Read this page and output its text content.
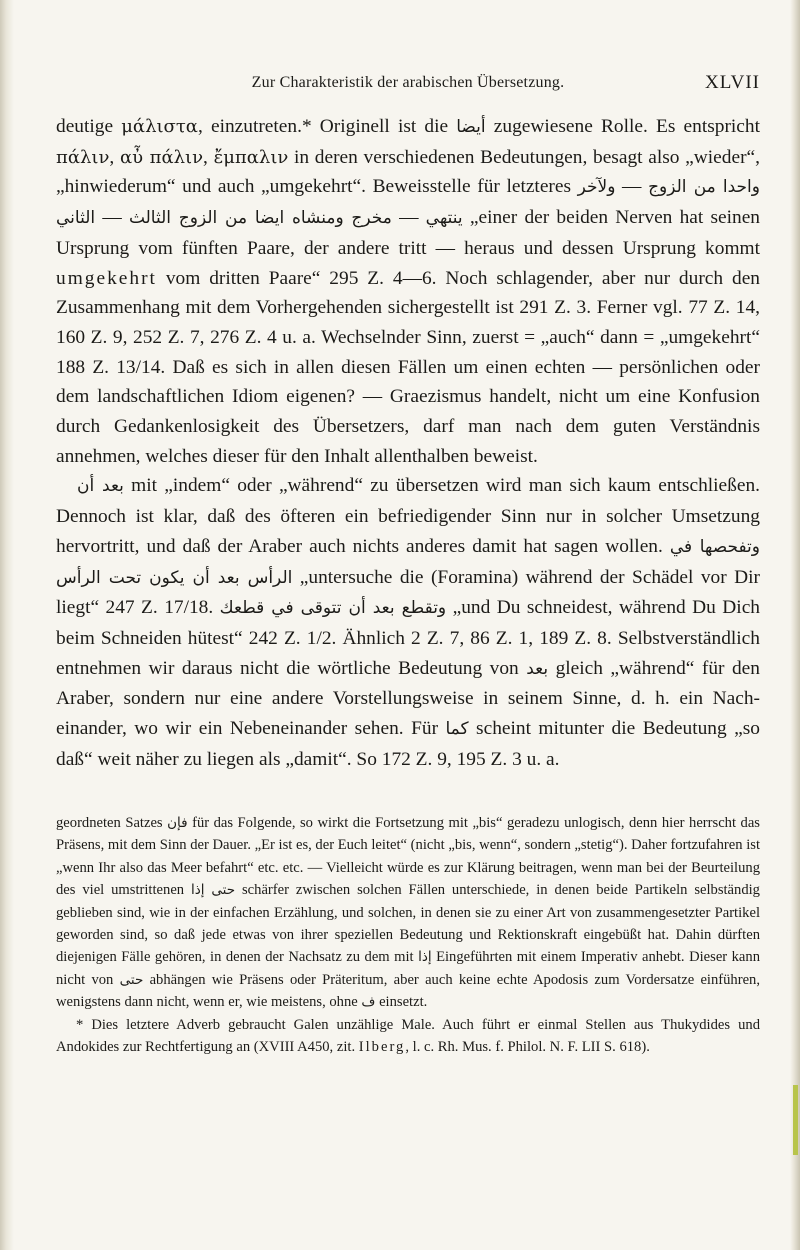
Zur Charakteristik der arabischen Übersetzung.	XLVII

deutige μάλιστα, einzutreten.* Originell ist die أيضا zugewiesene Rolle. Es entspricht πάλιν, αὖ πάλιν, ἔμπαλιν in deren verschiedenen Bedeutungen, besagt also „wieder“, „hinwiederum“ und auch „umgekehrt“. Beweisstelle für letzteres ولآخر — واحدا من الزوج الثاني — مخرج ومنشاه ايضا من الزوج الثالث — ينتهي „einer der beiden Nerven hat seinen Ursprung vom fünften Paare, der andere tritt — heraus und dessen Ursprung kommt umgekehrt vom dritten Paare“ 295 Z. 4—6. Noch schlagender, aber nur durch den Zusammenhang mit dem Vorhergehenden sichergestellt ist 291 Z. 3. Ferner vgl. 77 Z. 14, 160 Z. 9, 252 Z. 7, 276 Z. 4 u. a. Wechselnder Sinn, zuerst = „auch“ dann = „umgekehrt“ 188 Z. 13/14. Daß es sich in allen diesen Fällen um einen echten — persönlichen oder dem landschaftlichen Idiom eigenen? — Graezismus handelt, nicht um eine Konfusion durch Gedankenlosigkeit des Übersetzers, darf man nach dem guten Verständnis annehmen, welches dieser für den Inhalt allenthalben beweist.

بعد أن mit „indem“ oder „während“ zu übersetzen wird man sich kaum entschließen. Dennoch ist klar, daß des öfteren ein befriedigender Sinn nur in solcher Umsetzung hervortritt, und daß der Araber auch nichts anderes damit hat sagen wollen. وتفحصها في الرأس بعد أن يكون تحت الرأس „untersuche die (Foramina) während der Schädel vor Dir liegt“ 247 Z. 17/18. وتقطع بعد أن تتوقى في قطعك „und Du schneidest, während Du Dich beim Schneiden hütest“ 242 Z. 1/2. Ähnlich 2 Z. 7, 86 Z. 1, 189 Z. 8. Selbstverständlich entnehmen wir daraus nicht die wörtliche Bedeutung von بعد gleich „während“ für den Araber, sondern nur eine andere Vorstellungsweise in seinem Sinne, d. h. ein Nach-einander, wo wir ein Nebeneinander sehen. Für كما scheint mitunter die Bedeutung „so daß“ weit näher zu liegen als „damit“. So 172 Z. 9, 195 Z. 3 u. a.

geordneten Satzes فإن für das Folgende, so wirkt die Fortsetzung mit „bis“ geradezu unlogisch, denn hier herrscht das Präsens, mit dem Sinn der Dauer. „Er ist es, der Euch leitet“ (nicht „bis, wenn“, sondern „stetig“). Daher fortzufahren ist „wenn Ihr also das Meer befahrt“ etc. etc. — Vielleicht würde es zur Klärung beitragen, wenn man bei der Beurteilung des viel umstrittenen إذا حتى schärfer zwischen solchen Fällen unterschiede, in denen beide Partikeln selbständig geblieben sind, wie in der einfachen Erzählung, und solchen, in denen sie zu einer Art von zusammengesetzter Partikel geworden sind, so daß jede etwas von ihrer speziellen Bedeutung und Rektionskraft eingebüßt hat. Dahin dürften diejenigen Fälle gehören, in denen der Nachsatz zu dem mit إذا Eingeführten mit einem Imperativ anhebt. Dieser kann nicht von حتى abhängen wie Präsens oder Präteritum, aber auch keine echte Apodosis zum Vordersatze einführen, wenigstens dann nicht, wenn er, wie meistens, ohne ف einsetzt.

* Dies letztere Adverb gebraucht Galen unzählige Male. Auch führt er einmal Stellen aus Thukydides und Andokides zur Rechtfertigung an (XVIII A450, zit. Ilberg, l. c. Rh. Mus. f. Philol. N. F. LII S. 618).
